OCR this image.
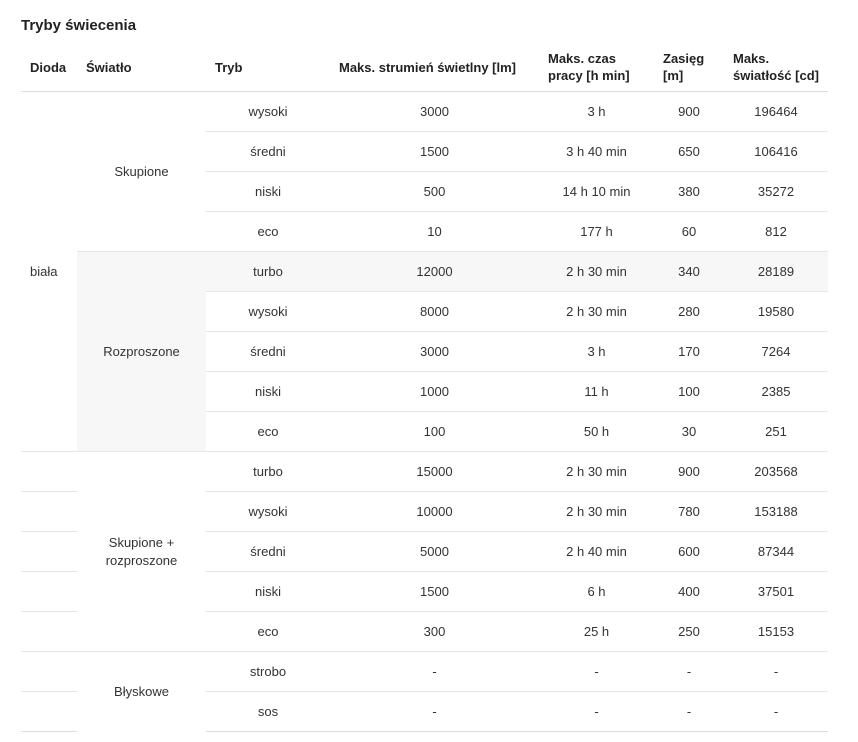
Tryby świecenia
Dioda	Światło	Tryb	Maks. strumień świetlny [lm]	Maks. czas pracy [h min]	Zasięg [m]	Maks. światłość [cd]
biała	Skupione	wysoki	3000	3 h	900	196464
		średni	1500	3 h 40 min	650	106416
		niski	500	14 h 10 min	380	35272
		eco	10	177 h	60	812
	Rozproszone	turbo	12000	2 h 30 min	340	28189
		wysoki	8000	2 h 30 min	280	19580
		średni	3000	3 h	170	7264
		niski	1000	11 h	100	2385
		eco	100	50 h	30	251
	Skupione + rozproszone	turbo	15000	2 h 30 min	900	203568
		wysoki	10000	2 h 30 min	780	153188
		średni	5000	2 h 40 min	600	87344
		niski	1500	6 h	400	37501
		eco	300	25 h	250	15153
	Błyskowe	strobo	-	-	-	-
		sos	-	-	-	-
